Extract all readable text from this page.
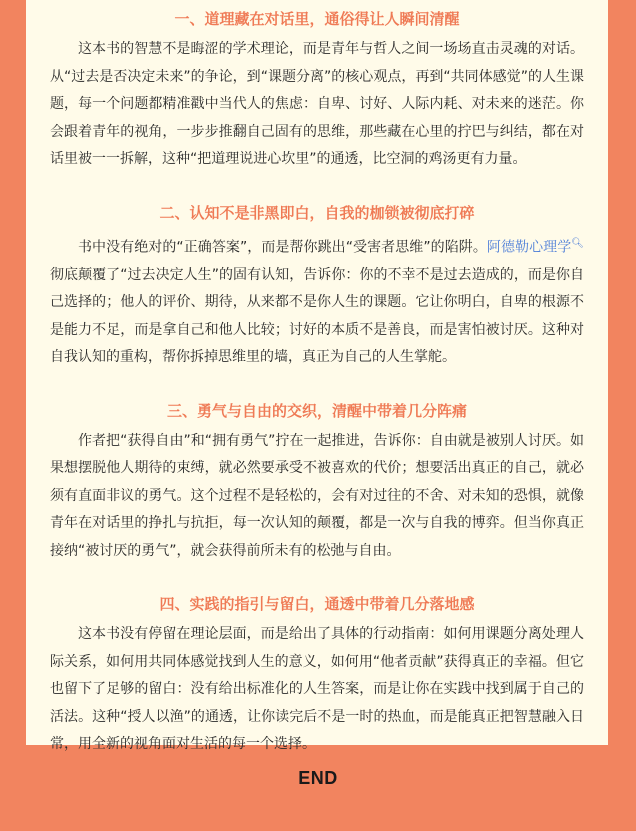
一、道理藏在对话里，通俗得让人瞬间清醒

这本书的智慧不是晦涩的学术理论，而是青年与哲人之间一场场直击灵魂的对话。从“过去是否决定未来”的争论，到“课题分离”的核心观点，再到“共同体感觉”的人生课题，每一个问题都精准戳中当代人的焦虑：自卑、讨好、人际内耗、对未来的迷茫。你会跟着青年的视角，一步步推翻自己固有的思维，那些藏在心里的拧巴与纠结，都在对话里被一一拆解，这种“把道理说进心坎里”的通透，比空洞的鸡汤更有力量。

二、认知不是非黑即白，自我的枷锁被彻底打碎

书中没有绝对的“正确答案”，而是帮你跳出“受害者思维”的陷阱。阿德勒心理学🔍︎彻底颠覆了“过去决定人生”的固有认知，告诉你：你的不幸不是过去造成的，而是你自己选择的；他人的评价、期待，从来都不是你人生的课题。它让你明白，自卑的根源不是能力不足，而是拿自己和他人比较；讨好的本质不是善良，而是害怕被讨厌。这种对自我认知的重构，帮你拆掉思维里的墙，真正为自己的人生掌舵。

三、勇气与自由的交织，清醒中带着几分阵痛

作者把“获得自由”和“拥有勇气”拧在一起推进，告诉你：自由就是被别人讨厌。如果想摆脱他人期待的束缚，就必然要承受不被喜欢的代价；想要活出真正的自己，就必须有直面非议的勇气。这个过程不是轻松的，会有对过往的不舍、对未知的恐惧，就像青年在对话里的挣扎与抗拒，每一次认知的颠覆，都是一次与自我的博弈。但当你真正接纳“被讨厌的勇气”，就会获得前所未有的松弛与自由。

四、实践的指引与留白，通透中带着几分落地感

这本书没有停留在理论层面，而是给出了具体的行动指南：如何用课题分离处理人际关系，如何用共同体感觉找到人生的意义，如何用“他者贡献”获得真正的幸福。但它也留下了足够的留白：没有给出标准化的人生答案，而是让你在实践中找到属于自己的活法。这种“授人以渔”的通透，让你读完后不是一时的热血，而是能真正把智慧融入日常，用全新的视角面对生活的每一个选择。

END
